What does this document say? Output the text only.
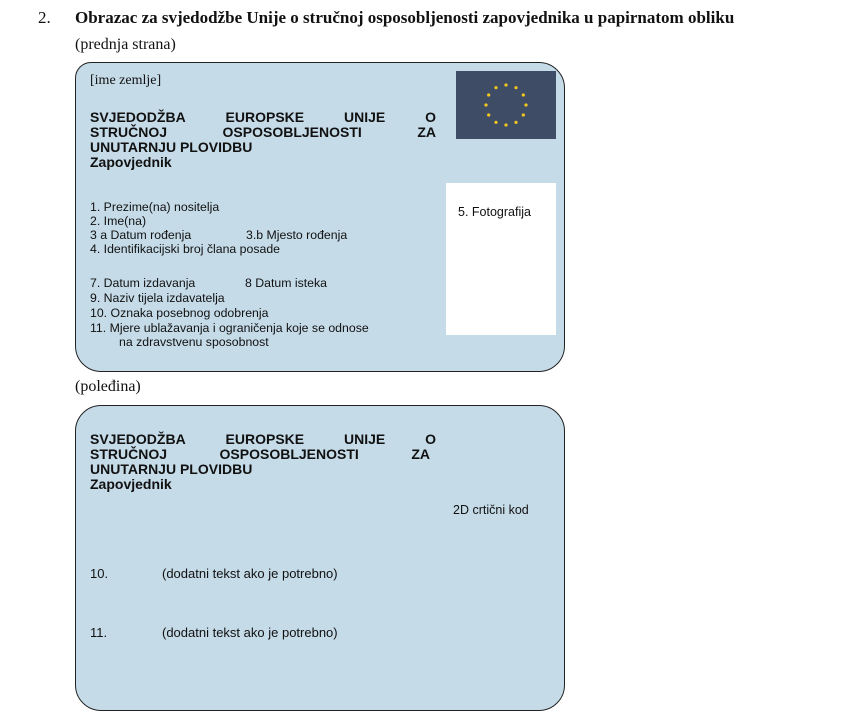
2. Obrazac za svjedodžbe Unije o stručnoj osposobljenosti zapovjednika u papirnatom obliku
(prednja strana)
[ime zemlje]
SVJEDODŽBA	EUROPSKE	UNIJE	O
STRUČNOJ	OSPOSOBLJENOSTI	ZA
UNUTARNJU PLOVIDBU
Zapovjednik
1. Prezime(na) nositelja
2. Ime(na)
3 a Datum rođenja	3.b Mjesto rođenja
4. Identifikacijski broj člana posade
7. Datum izdavanja	8 Datum isteka
9. Naziv tijela izdavatelja
10. Oznaka posebnog odobrenja
11. Mjere ublažavanja i ograničenja koje se odnose
na zdravstvenu sposobnost
5. Fotografija
(poleđina)
SVJEDODŽBA	EUROPSKE	UNIJE	O
STRUČNOJ	OSPOSOBLJENOSTI	ZA
UNUTARNJU PLOVIDBU
Zapovjednik
2D crtični kod
10.	(dodatni tekst ako je potrebno)
11.	(dodatni tekst ako je potrebno)
